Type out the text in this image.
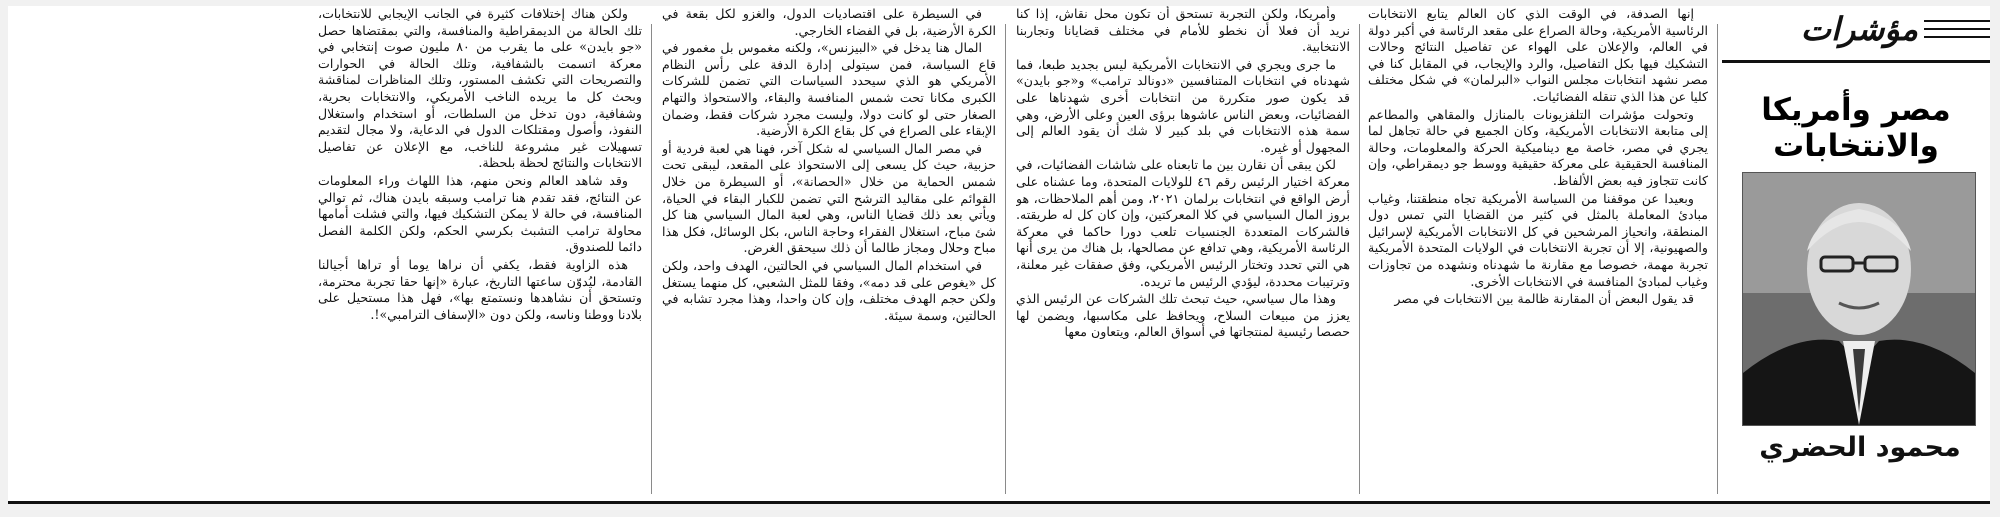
مؤشرات
مصر وأمريكا والانتخابات
محمود الحضري

إنها الصدفة، في الوقت الذي كان العالم يتابع الانتخابات الرئاسية الأمريكية، وحالة الصراع على مقعد الرئاسة في أكبر دولة في العالم، والإعلان على الهواء عن تفاصيل النتائج وحالات التشكيك فيها بكل التفاصيل، والرد والإيجاب، في المقابل كنا في مصر نشهد انتخابات مجلس النواب «البرلمان» في شكل مختلف كليا عن هذا الذي تنقله الفضائيات.

وتحولت مؤشرات التلفزيونات بالمنازل والمقاهي والمطاعم إلى متابعة الانتخابات الأمريكية، وكان الجميع في حالة تجاهل لما يجري في مصر، خاصة مع ديناميكية الحركة والمعلومات، وحالة المنافسة الحقيقية على معركة حقيقية ووسط جو ديمقراطي، وإن كانت تتجاوز فيه بعض الألفاظ.

وبعيدا عن موقفنا من السياسة الأمريكية تجاه منطقتنا، وغياب مبادئ المعاملة بالمثل في كثير من القضايا التي تمس دول المنطقة، وانحياز المرشحين في كل الانتخابات الأمريكية لإسرائيل والصهيونية، إلا أن تجربة الانتخابات في الولايات المتحدة الأمريكية تجربة مهمة، خصوصا مع مقارنة ما شهدناه ونشهده من تجاوزات وغياب لمبادئ المنافسة في الانتخابات الأخرى.

قد يقول البعض أن المقارنة ظالمة بين الانتخابات في مصر

وأمريكا، ولكن التجربة تستحق أن تكون محل نقاش، إذا كنا نريد أن فعلا أن نخطو للأمام في مختلف قضايانا وتجاربنا الانتخابية.

ما جرى ويجري في الانتخابات الأمريكية ليس بجديد طبعا، فما شهدناه في انتخابات المتنافسين «دونالد ترامب» و«جو بايدن» قد يكون صور متكررة من انتخابات أخرى شهدناها على الفضائيات، وبعض الناس عاشوها برؤى العين وعلى الأرض، وهي سمة هذه الانتخابات في بلد كبير لا شك أن يقود العالم إلى المجهول أو غيره.

لكن يبقى أن نقارن بين ما تابعناه على شاشات الفضائيات، في معركة اختيار الرئيس رقم ٤٦ للولايات المتحدة، وما عشناه على أرض الواقع في انتخابات برلمان ٢٠٢١، ومن أهم الملاحظات، هو بروز المال السياسي في كلا المعركتين، وإن كان كل له طريقته. فالشركات المتعددة الجنسيات تلعب دورا حاكما في معركة الرئاسة الأمريكية، وهي تدافع عن مصالحها، بل هناك من يرى أنها هي التي تحدد وتختار الرئيس الأمريكي، وفق صفقات غير معلنة، وترتيبات محددة، ليؤدي الرئيس ما تريده.

وهذا مال سياسي، حيث تبحث تلك الشركات عن الرئيس الذي يعزز من مبيعات السلاح، ويحافظ على مكاسبها، ويضمن لها حصصا رئيسية لمنتجاتها في أسواق العالم، ويتعاون معها

في السيطرة على اقتصاديات الدول، والغزو لكل بقعة في الكرة الأرضية، بل في الفضاء الخارجي.

المال هنا يدخل في «البيزنس»، ولكنه مغموس بل مغمور في قاع السياسة، فمن سيتولى إدارة الدفة على رأس النظام الأمريكي هو الذي سيحدد السياسات التي تضمن للشركات الكبرى مكانا تحت شمس المنافسة والبقاء، والاستحواذ والتهام الصغار حتى لو كانت دولا، وليست مجرد شركات فقط، وضمان الإبقاء على الصراع في كل بقاع الكرة الأرضية.

في مصر المال السياسي له شكل آخر، فهنا هي لعبة فردية أو حزبية، حيث كل يسعى إلى الاستحواذ على المقعد، ليبقى تحت شمس الحماية من خلال «الحصانة»، أو السيطرة من خلال القوائم على مقاليد الترشح التي تضمن للكبار البقاء في الحياة، ويأتي بعد ذلك قضايا الناس، وهي لعبة المال السياسي هنا كل شئ مباح، استغلال الفقراء وحاجة الناس، بكل الوسائل، فكل هذا مباح وحلال ومجاز طالما أن ذلك سيحقق الغرض.

في استخدام المال السياسي في الحالتين، الهدف واحد، ولكن كل «يغوص على قد دمه»، وفقا للمثل الشعبي، كل منهما يستغل ولكن حجم الهدف مختلف، وإن كان واحدا، وهذا مجرد تشابه في الحالتين، وسمة سيئة.

ولكن هناك إختلافات كثيرة في الجانب الإيجابي للانتخابات، تلك الحالة من الديمقراطية والمنافسة، والتي بمقتضاها حصل «جو بايدن» على ما يقرب من ٨٠ مليون صوت إنتخابي في معركة اتسمت بالشفافية، وتلك الحالة في الحوارات والتصريحات التي تكشف المستور، وتلك المناظرات لمناقشة وبحث كل ما يريده الناخب الأمريكي، والانتخابات بحرية، وشفافية، دون تدخل من السلطات، أو استخدام واستغلال النفوذ، وأصول ومقتلكات الدول في الدعاية، ولا مجال لتقديم تسهيلات غير مشروعة للناخب، مع الإعلان عن تفاصيل الانتخابات والنتائج لحظة بلحظة.

وقد شاهد العالم ونحن منهم، هذا اللهاث وراء المعلومات عن النتائج، فقد تقدم هنا ترامب وسبقه بايدن هناك، ثم توالي المنافسة، في حالة لا يمكن التشكيك فيها، والتي فشلت أمامها محاولة ترامب التشبث بكرسي الحكم، ولكن الكلمة الفصل دائما للصندوق.

هذه الزاوية فقط، يكفي أن نراها يوما أو تراها أجيالنا القادمة، ليُدوّن ساعتها التاريخ، عبارة «إنها حقا تجربة محترمة، وتستحق أن نشاهدها ونستمتع بها»، فهل هذا مستحيل على بلادنا ووطنا وناسه، ولكن دون «الإسفاف الترامبي»!.
